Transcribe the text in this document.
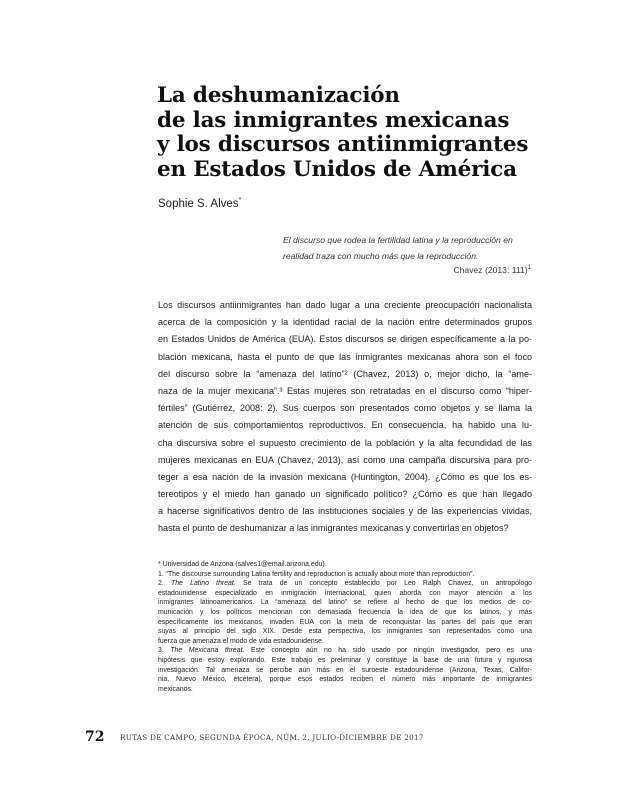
La deshumanización
de las inmigrantes mexicanas
y los discursos antiinmigrantes
en Estados Unidos de América
Sophie S. Alves*
El discurso que rodea la fertilidad latina y la reproducción en
realidad traza con mucho más que la reproducción.
Chavez (2013: 111)$^1$
Los discursos antiinmigrantes han dado lugar a una creciente preocupación nacionalista
acerca de la composición y la identidad racial de la nación entre determinados grupos
en Estados Unidos de América (EUA). Estos discursos se dirigen específicamente a la po-
blación mexicana, hasta el punto de que las inmigrantes mexicanas ahora son el foco
del discurso sobre la “amenaza del latino”² (Chavez, 2013) o, mejor dicho, la “ame-
naza de la mujer mexicana”.³ Estas mujeres son retratadas en el discurso como “hiper-
fértiles” (Gutiérrez, 2008: 2). Sus cuerpos son presentados como objetos y se llama la
atención de sus comportamientos reproductivos. En consecuencia, ha habido una lu-
cha discursiva sobre el supuesto crecimiento de la población y la alta fecundidad de las
mujeres mexicanas en EUA (Chavez, 2013), así como una campaña discursiva para pro-
teger a esa nación de la invasión mexicana (Huntington, 2004). ¿Cómo es que los es-
tereotipos y el miedo han ganado un significado político? ¿Cómo es que han llegado
a hacerse significativos dentro de las instituciones sociales y de las experiencias vividas,
hasta el punto de deshumanizar a las inmigrantes mexicanas y convertirlas en objetos?
* Universidad de Arizona (salves1@email.arizona.edu).
1. “The discourse surrounding Latina fertility and reproduction is actually about more than reproduction”.
2. The Latino threat. Se trata de un concepto establecido por Leo Ralph Chavez, un antropólogo
estadounidense especializado en inmigración internacional, quien aborda con mayor atención a los
inmigrantes latinoamericanos. La “amenaza del latino” se refiere al hecho de que los medios de co-
municación y los políticos mencionan con demasiada frecuencia la idea de que los latinos, y más
específicamente los mexicanos, invaden EUA con la meta de reconquistar las partes del país que eran
suyas al principio del siglo XIX. Desde esta perspectiva, los inmigrantes son representados como una
fuerza que amenaza el modo de vida estadounidense.
3. The Mexicana threat. Este concepto aún no ha sido usado por ningún investigador, pero es una
hipótesis que estoy explorando. Este trabajo es preliminar y constituye la base de una futura y rigurosa
investigación. Tal amenaza se percibe aún más en el suroeste estadounidense (Arizona, Texas, Califor-
nia, Nuevo México, etcétera), porque esos estados reciben el número más importante de inmigrantes
mexicanos.
72 RUTAS DE CAMPO, SEGUNDA ÉPOCA, NÚM. 2, JULIO-DICIEMBRE DE 2017
